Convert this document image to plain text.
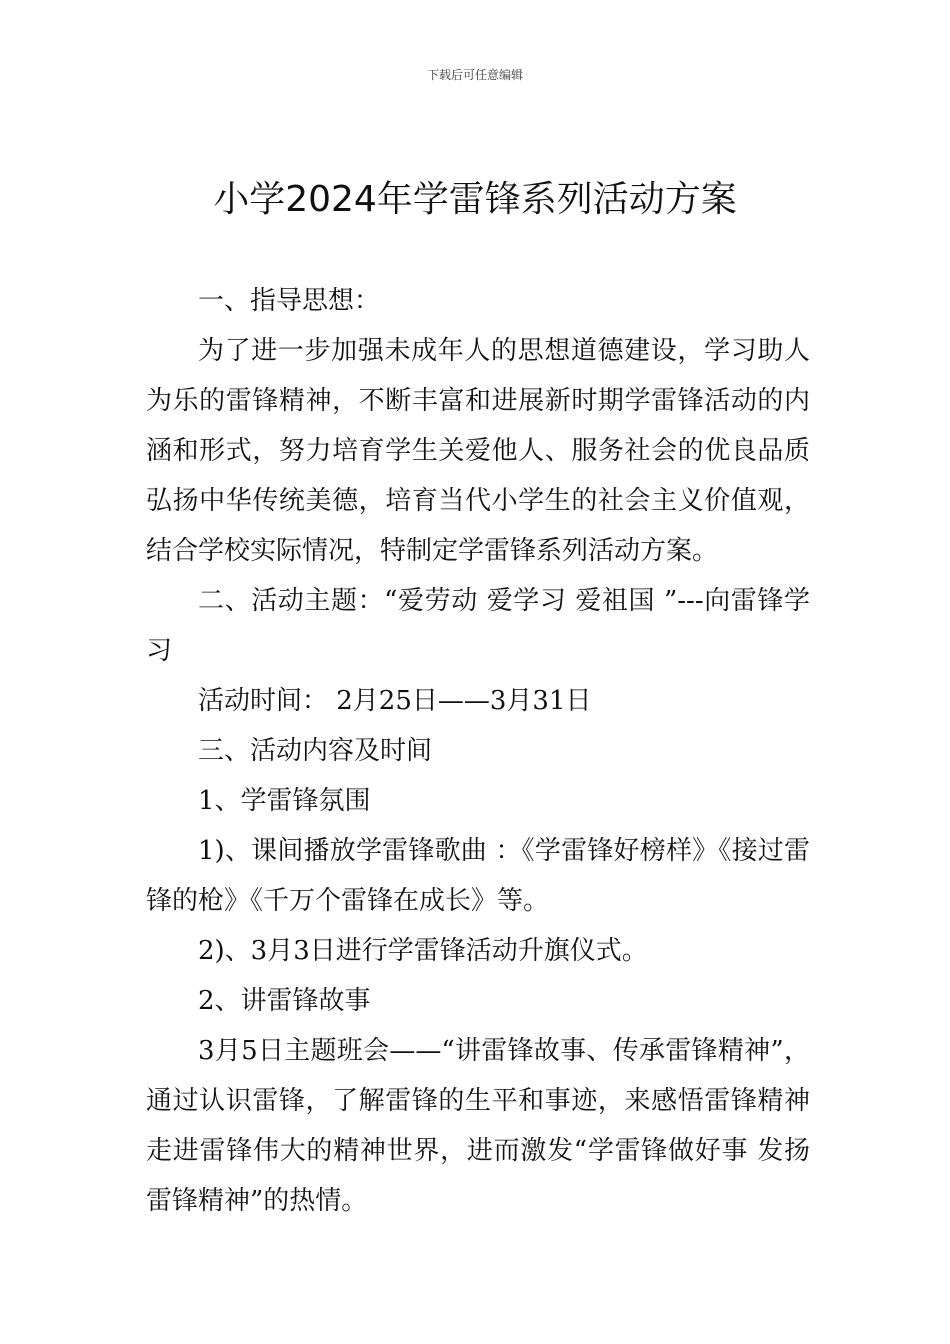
下载后可任意编辑
小学2024年学雷锋系列活动方案

一、指导思想：

为了进一步加强未成年人的思想道德建设，学习助人为乐的雷锋精神，不断丰富和进展新时期学雷锋活动的内涵和形式，努力培育学生关爱他人、服务社会的优良品质弘扬中华传统美德，培育当代小学生的社会主义价值观，结合学校实际情况，特制定学雷锋系列活动方案。

二、活动主题：“爱劳动 爱学习 爱祖国 ”---向雷锋学习

活动时间： 2月25日——3月31日

三、活动内容及时间

1、学雷锋氛围

1)、课间播放学雷锋歌曲 ：《学雷锋好榜样》《接过雷锋的枪》《千万个雷锋在成长》等。

2)、3月3日进行学雷锋活动升旗仪式。

2、讲雷锋故事

3月5日主题班会——“讲雷锋故事、传承雷锋精神”，通过认识雷锋，了解雷锋的生平和事迹，来感悟雷锋精神走进雷锋伟大的精神世界，进而激发“学雷锋做好事 发扬雷锋精神”的热情。
